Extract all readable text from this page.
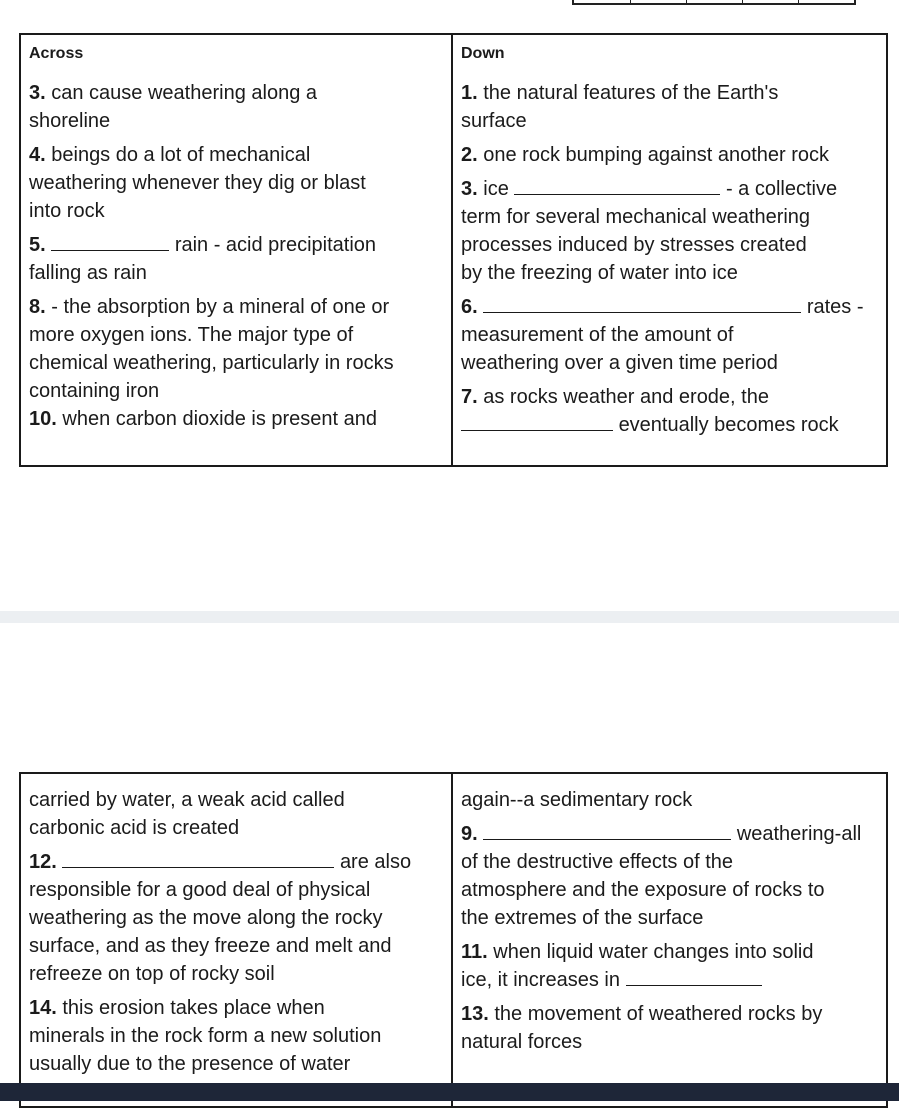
Across
3. can cause weathering along a
shoreline
4. beings do a lot of mechanical
weathering whenever they dig or blast
into rock
5.	rain - acid precipitation
falling as rain
8. - the absorption by a mineral of one or
more oxygen ions. The major type of
chemical weathering, particularly in rocks
containing iron
10. when carbon dioxide is present and

Down
1. the natural features of the Earth's
surface
2. one rock bumping against another rock
3. ice	- a collective
term for several mechanical weathering
processes induced by stresses created
by the freezing of water into ice
6.	rates -
measurement of the amount of
weathering over a given time period
7. as rocks weather and erode, the
eventually becomes rock
carried by water, a weak acid called
carbonic acid is created
12.	are also
responsible for a good deal of physical
weathering as the move along the rocky
surface, and as they freeze and melt and
refreeze on top of rocky soil
14. this erosion takes place when
minerals in the rock form a new solution
usually due to the presence of water

again--a sedimentary rock
9.	weathering-all
of the destructive effects of the
atmosphere and the exposure of rocks to
the extremes of the surface
11. when liquid water changes into solid
ice, it increases in
13. the movement of weathered rocks by
natural forces
